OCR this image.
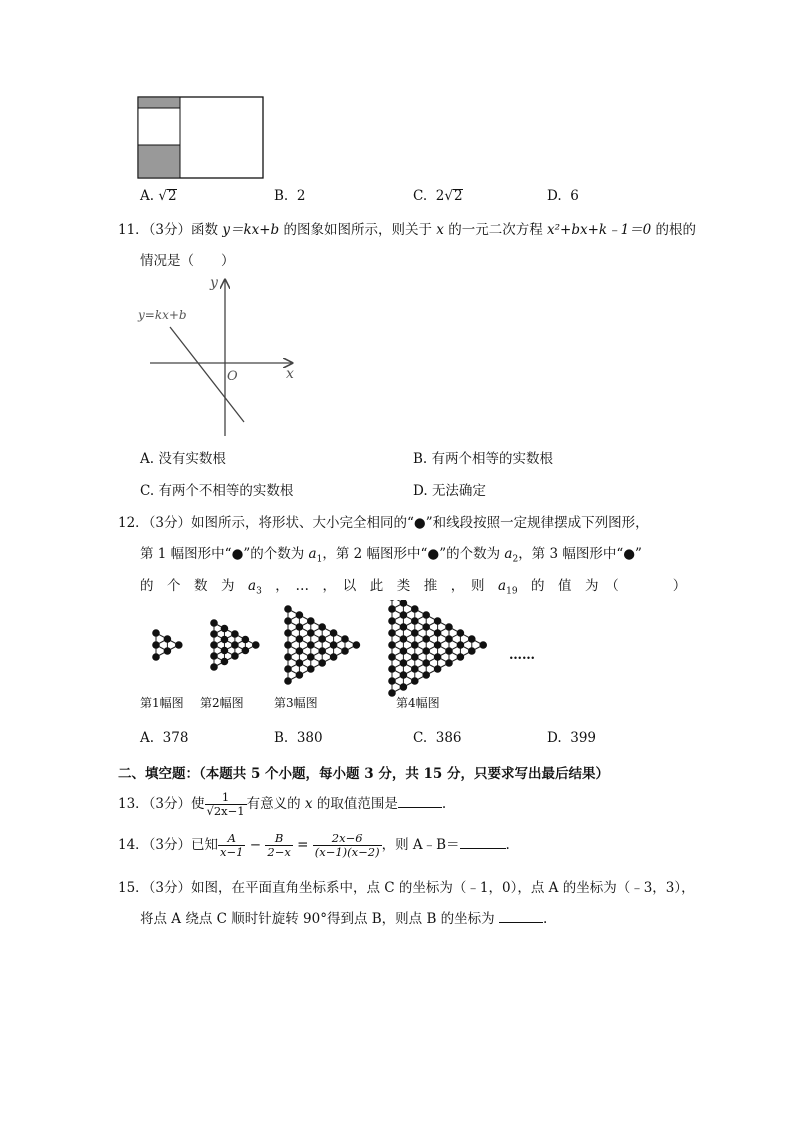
A. √2	B. 2	C. 2√2	D. 6
11．（3分）函数 y＝kx+b 的图象如图所示，则关于 x 的一元二次方程 x²+bx+k﹣1＝0 的根的
情况是（　　）
y=kx+b
y
x
O
A. 没有实数根	B. 有两个相等的实数根
C. 有两个不相等的实数根	D. 无法确定
12．（3分）如图所示，将形状、大小完全相同的“●”和线段按照一定规律摆成下列图形，
第 1 幅图形中“●”的个数为 $a_1$，第 2 幅图形中“●”的个数为 $a_2$，第 3 幅图形中“●”
的　个　数　为　$a_3$　，　…　，　以　此　类　推　，　则　$a_{19}$　的　值　为　（　　　　）
第1幅图 第2幅图	第3幅图	第4幅图
……
A. 378	B. 380	C. 386	D. 399
二、填空题：（本题共 5 个小题，每小题 3 分，共 15 分，只要求写出最后结果）
13．（3分）使 $\frac{1}{√2x-1}$ 有意义的 x 的取值范围是	.
14．（3分）已知 $\frac{A}{x-1} - \frac{B}{2-x} = \frac{2x-6}{(x-1)(x-2)}$ ，则 A﹣B＝	.
15．（3分）如图，在平面直角坐标系中，点 C 的坐标为（﹣1，0），点 A 的坐标为（﹣3，3），
将点 A 绕点 C 顺时针旋转 90°得到点 B，则点 B 的坐标为	.
